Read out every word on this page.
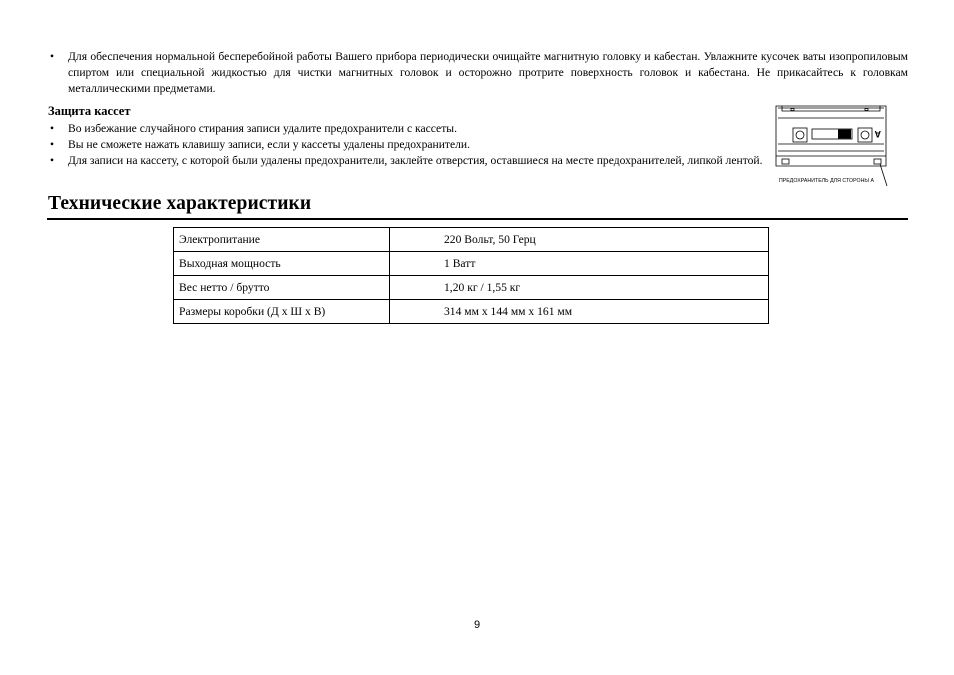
• Для обеспечения нормальной бесперебойной работы Вашего прибора периодически очищайте магнитную головку и кабестан. Увлажните кусочек ваты изопропиловым спиртом или специальной жидкостью для чистки магнитных головок и осторожно протрите поверхность головок и кабестана. Не прикасайтесь к головкам металлическими предметами.
Защита кассет
• Во избежание случайного стирания записи удалите предохранители с кассеты.
• Вы не сможете нажать клавишу записи, если у кассеты удалены предохранители.
• Для записи на кассету, с которой были удалены предохранители, заклейте отверстия, оставшиеся на месте предохранителей, липкой лентой.
A
ПРЕДОХРАНИТЕЛЬ ДЛЯ СТОРОНЫ А
Технические характеристики
Электропитание	220 Вольт, 50 Герц
Выходная мощность	1 Ватт
Вес нетто / брутто	1,20 кг / 1,55 кг
Размеры коробки (Д x Ш x В)	314 мм x 144 мм x 161 мм
9
